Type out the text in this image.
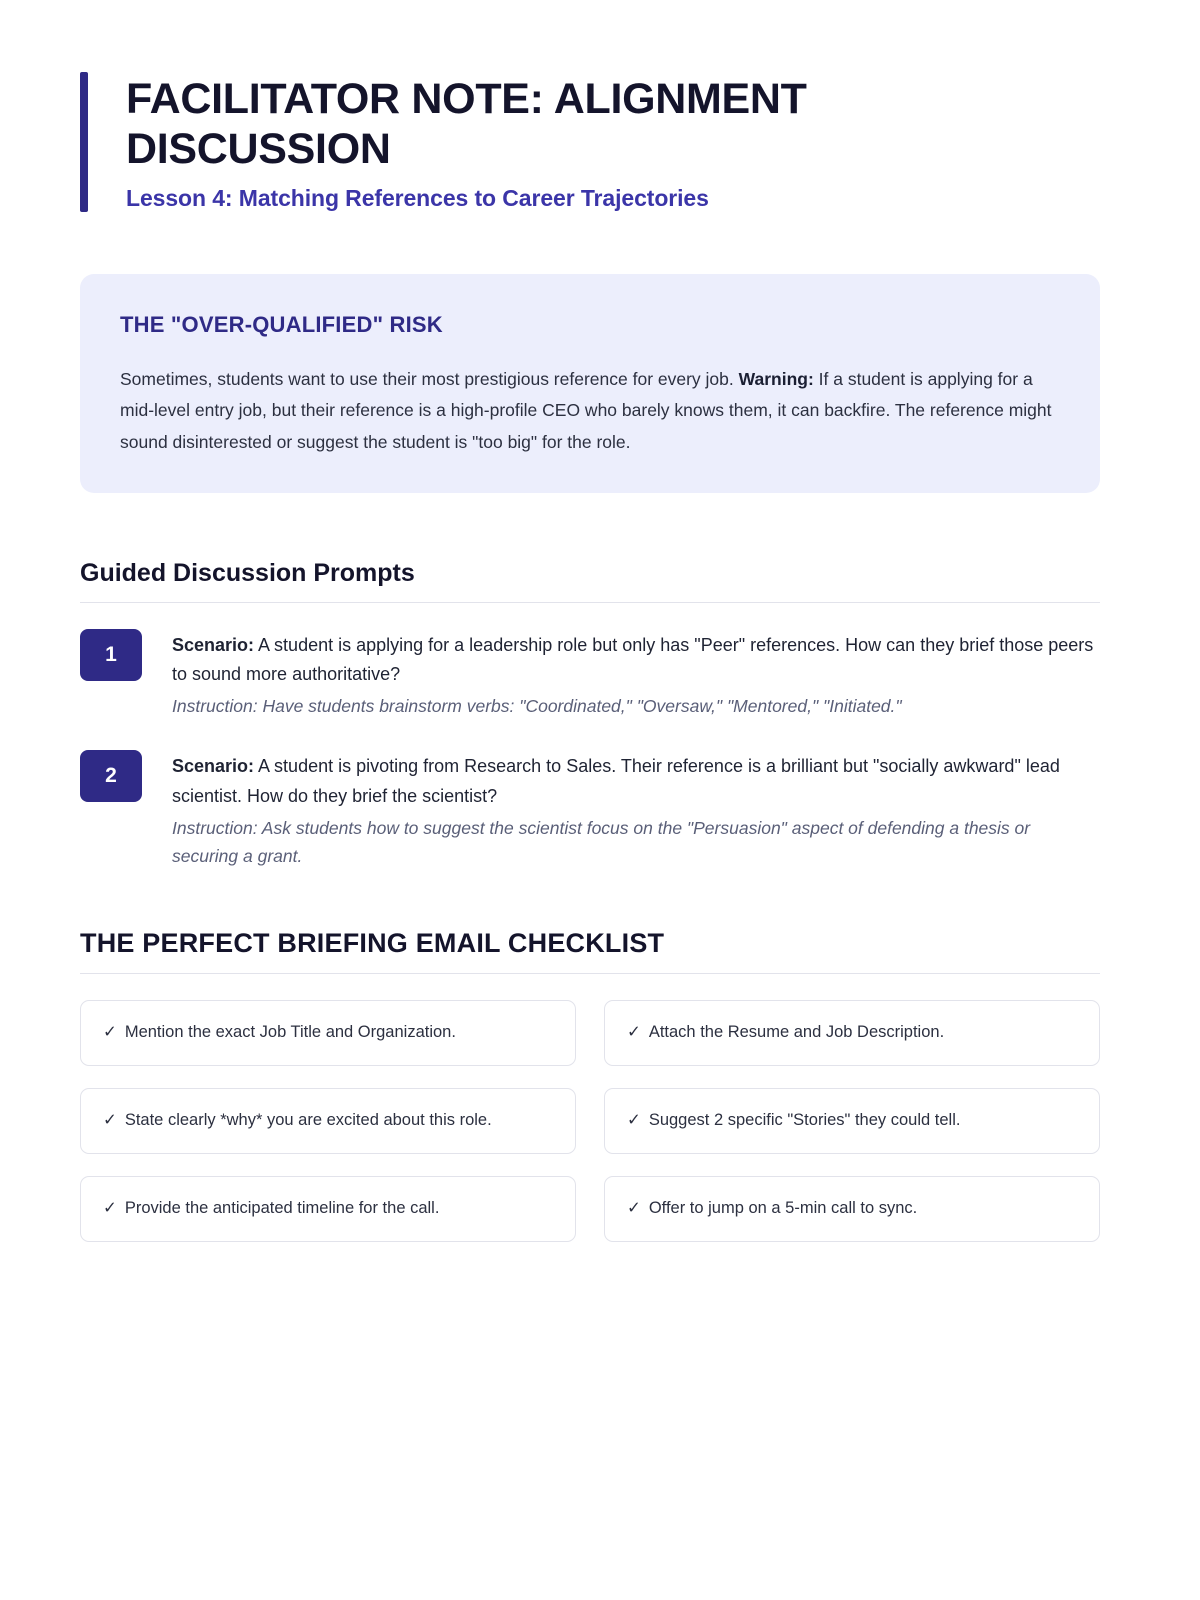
FACILITATOR NOTE: ALIGNMENT DISCUSSION

Lesson 4: Matching References to Career Trajectories

THE "OVER-QUALIFIED" RISK

Sometimes, students want to use their most prestigious reference for every job. Warning: If a student is applying for a mid-level entry job, but their reference is a high-profile CEO who barely knows them, it can backfire. The reference might sound disinterested or suggest the student is "too big" for the role.

Guided Discussion Prompts
1	Scenario: A student is applying for a leadership role but only has "Peer" references. How can they brief those peers to sound more authoritative?

Instruction: Have students brainstorm verbs: "Coordinated," "Oversaw," "Mentored," "Initiated."

2	Scenario: A student is pivoting from Research to Sales. Their reference is a brilliant but "socially awkward" lead scientist. How do they brief the scientist?

Instruction: Ask students how to suggest the scientist focus on the "Persuasion" aspect of defending a thesis or securing a grant.

THE PERFECT BRIEFING EMAIL CHECKLIST
✓ Mention the exact Job Title and Organization.	✓ Attach the Resume and Job Description.
✓ State clearly *why* you are excited about this role.	✓ Suggest 2 specific "Stories" they could tell.
✓ Provide the anticipated timeline for the call.	✓ Offer to jump on a 5-min call to sync.
